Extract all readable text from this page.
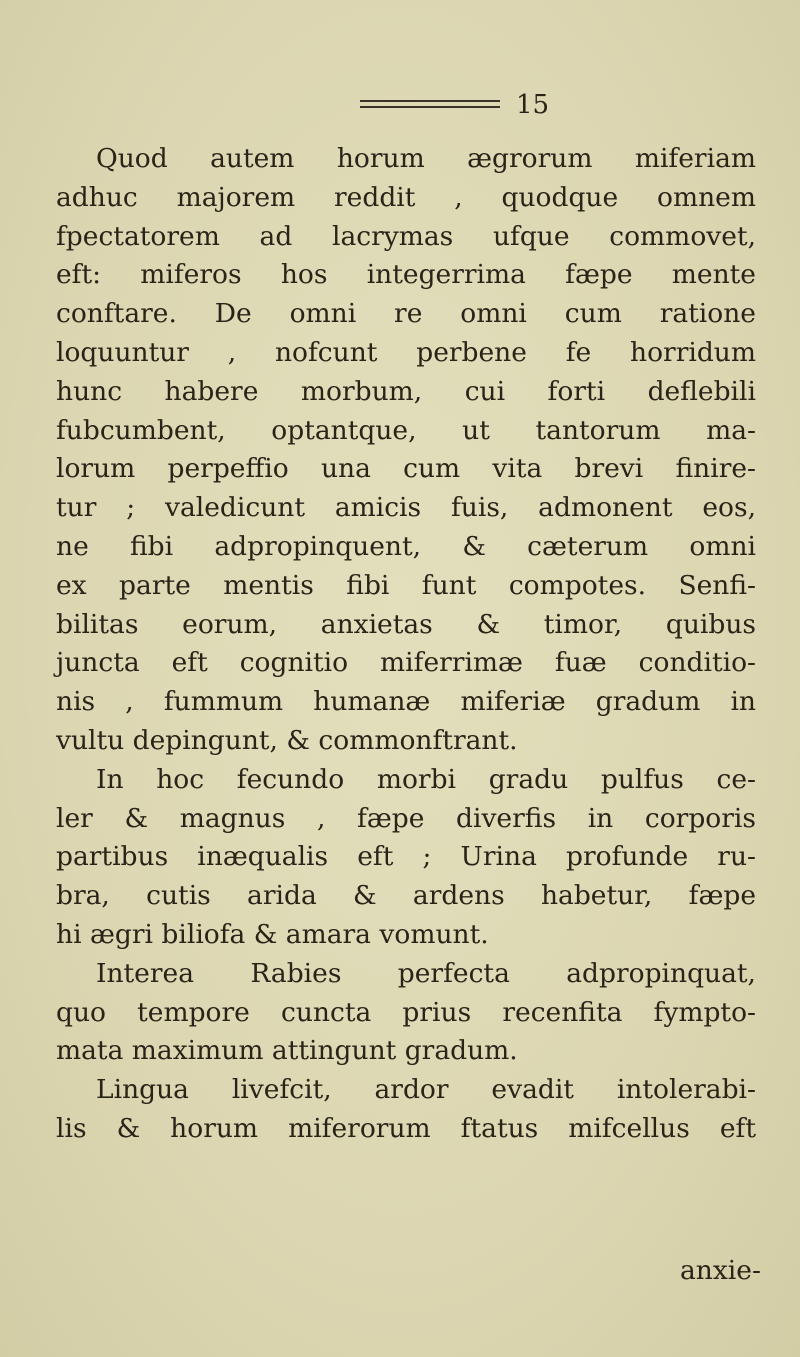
15
Quod autem horum ægrorum miferiam
adhuc majorem reddit , quodque omnem
fpectatorem ad lacrymas ufque commovet,
eft: miferos hos integerrima fæpe mente
conftare. De omni re omni cum ratione
loquuntur , nofcunt perbene fe horridum
hunc habere morbum, cui forti deflebili
fubcumbent, optantque, ut tantorum ma-
lorum perpeffio una cum vita brevi finire-
tur ; valedicunt amicis fuis, admonent eos,
ne fibi adpropinquent, & cæterum omni
ex parte mentis fibi funt compotes. Senfi-
bilitas eorum, anxietas & timor, quibus
juncta eft cognitio miferrimæ fuæ conditio-
nis , fummum humanæ miferiæ gradum in
vultu depingunt, & commonftrant.
In hoc fecundo morbi gradu pulfus ce-
ler & magnus , fæpe diverfis in corporis
partibus inæqualis eft ; Urina profunde ru-
bra, cutis arida & ardens habetur, fæpe
hi ægri biliofa & amara vomunt.
Interea Rabies perfecta adpropinquat,
quo tempore cuncta prius recenfita fympto-
mata maximum attingunt gradum.
Lingua livefcit, ardor evadit intolerabi-
lis & horum miferorum ftatus mifcellus eft
anxie-
